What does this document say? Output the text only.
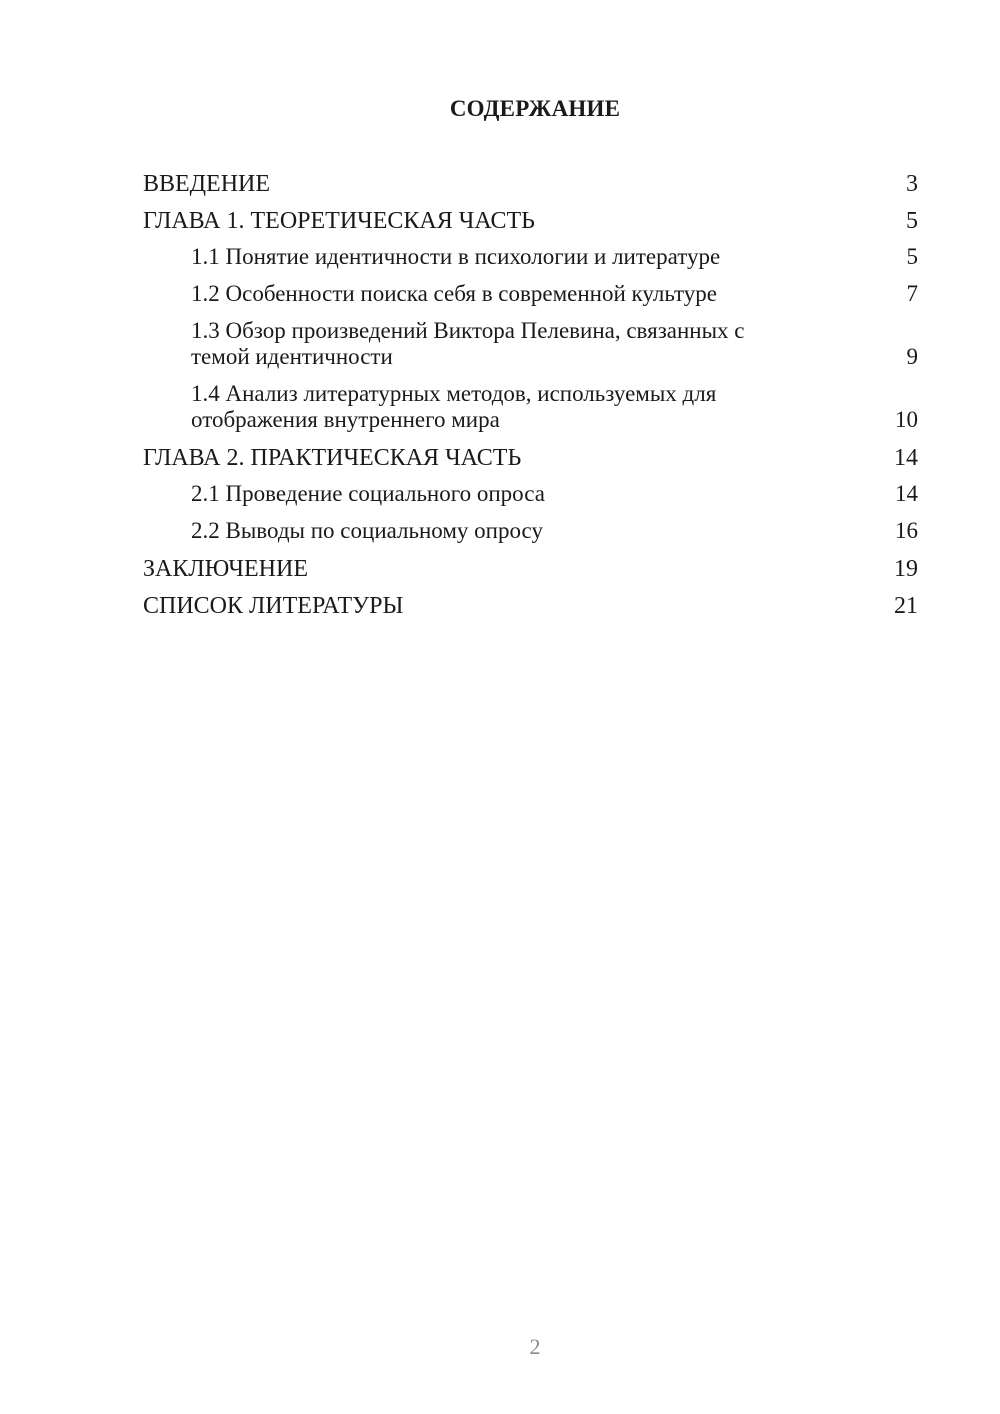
СОДЕРЖАНИЕ
ВВЕДЕНИЕ	3
ГЛАВА 1. ТЕОРЕТИЧЕСКАЯ ЧАСТЬ	5
1.1 Понятие идентичности в психологии и литературе	5
1.2 Особенности поиска себя в современной культуре	7
1.3 Обзор произведений Виктора Пелевина, связанных с темой идентичности	9
1.4 Анализ литературных методов, используемых для отображения внутреннего мира	10
ГЛАВА 2. ПРАКТИЧЕСКАЯ ЧАСТЬ	14
2.1 Проведение социального опроса	14
2.2 Выводы по социальному опросу	16
ЗАКЛЮЧЕНИЕ	19
СПИСОК ЛИТЕРАТУРЫ	21
2
